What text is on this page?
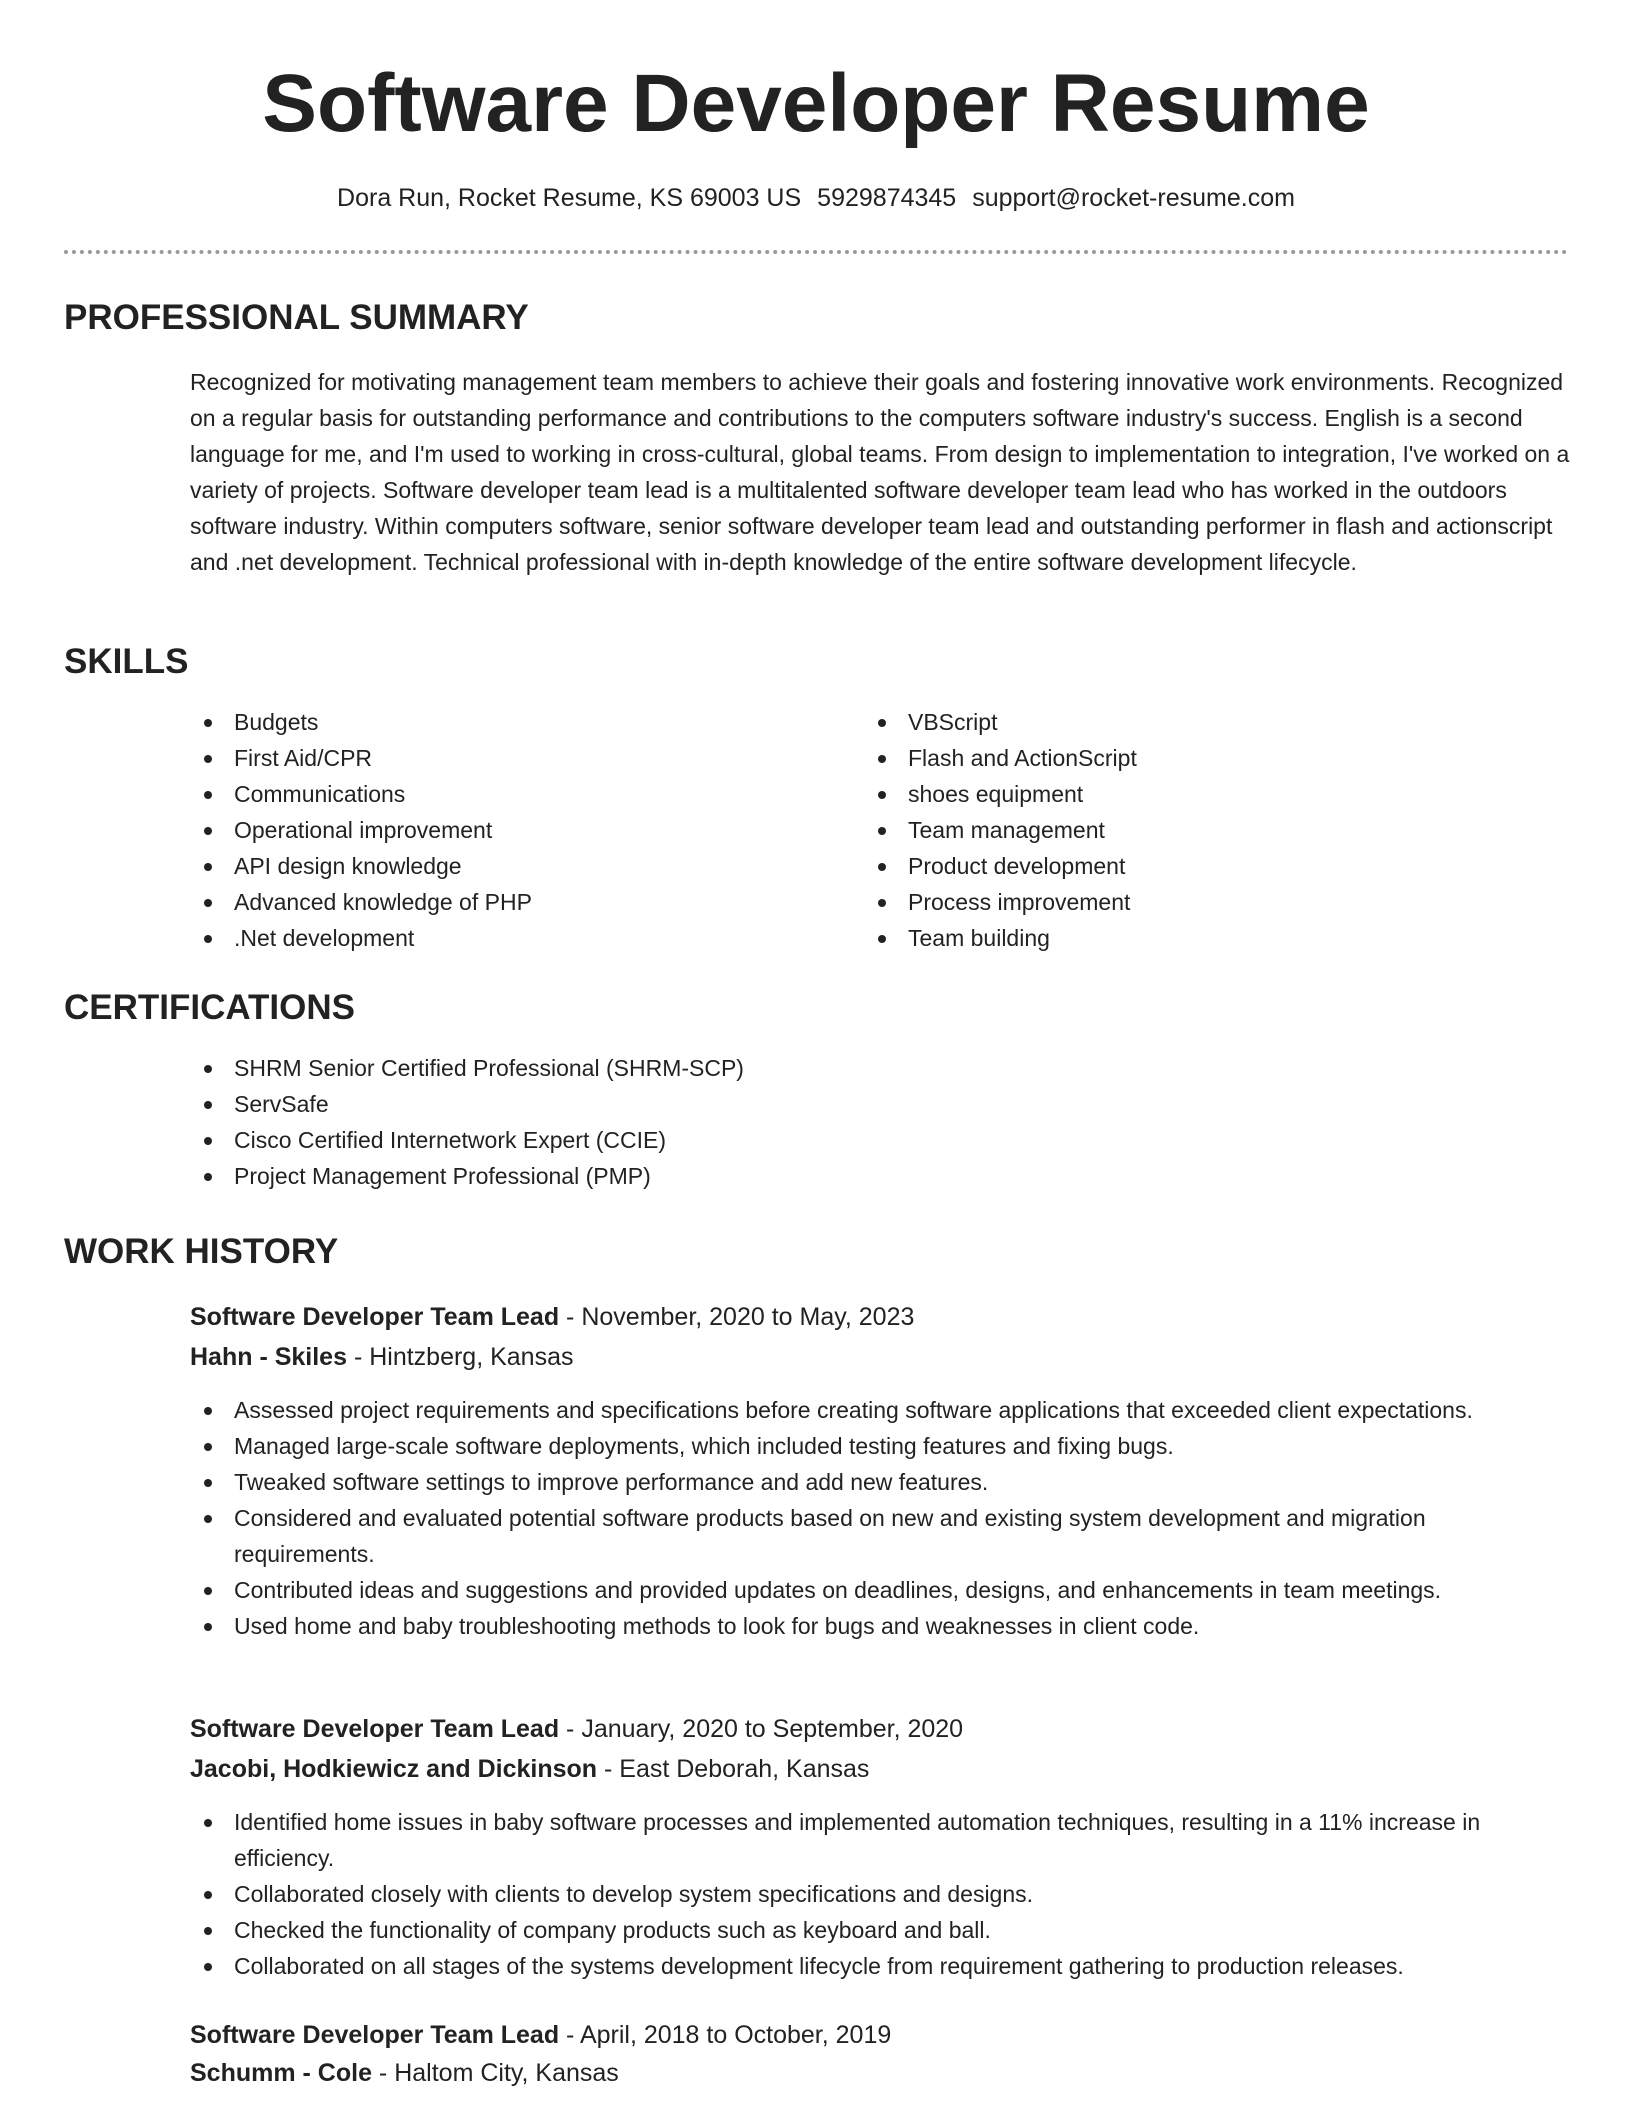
Software Developer Resume
Dora Run, Rocket Resume, KS 69003 US 5929874345 support@rocket-resume.com
PROFESSIONAL SUMMARY

Recognized for motivating management team members to achieve their goals and fostering innovative work environments. Recognized on a regular basis for outstanding performance and contributions to the computers software industry's success. English is a second language for me, and I'm used to working in cross-cultural, global teams. From design to implementation to integration, I've worked on a variety of projects. Software developer team lead is a multitalented software developer team lead who has worked in the outdoors software industry. Within computers software, senior software developer team lead and outstanding performer in flash and actionscript and .net development. Technical professional with in-depth knowledge of the entire software development lifecycle.

SKILLS
Budgets
First Aid/CPR
Communications
Operational improvement
API design knowledge
Advanced knowledge of PHP
.Net development
VBScript
Flash and ActionScript
shoes equipment
Team management
Product development
Process improvement
Team building
CERTIFICATIONS
SHRM Senior Certified Professional (SHRM-SCP)
ServSafe
Cisco Certified Internetwork Expert (CCIE)
Project Management Professional (PMP)
WORK HISTORY
Software Developer Team Lead - November, 2020 to May, 2023
Hahn - Skiles - Hintzberg, Kansas
Assessed project requirements and specifications before creating software applications that exceeded client expectations.
Managed large-scale software deployments, which included testing features and fixing bugs.
Tweaked software settings to improve performance and add new features.
Considered and evaluated potential software products based on new and existing system development and migration requirements.
Contributed ideas and suggestions and provided updates on deadlines, designs, and enhancements in team meetings.
Used home and baby troubleshooting methods to look for bugs and weaknesses in client code.
Software Developer Team Lead - January, 2020 to September, 2020
Jacobi, Hodkiewicz and Dickinson - East Deborah, Kansas
Identified home issues in baby software processes and implemented automation techniques, resulting in a 11% increase in efficiency.
Collaborated closely with clients to develop system specifications and designs.
Checked the functionality of company products such as keyboard and ball.
Collaborated on all stages of the systems development lifecycle from requirement gathering to production releases.
Software Developer Team Lead - April, 2018 to October, 2019
Schumm - Cole - Haltom City, Kansas
